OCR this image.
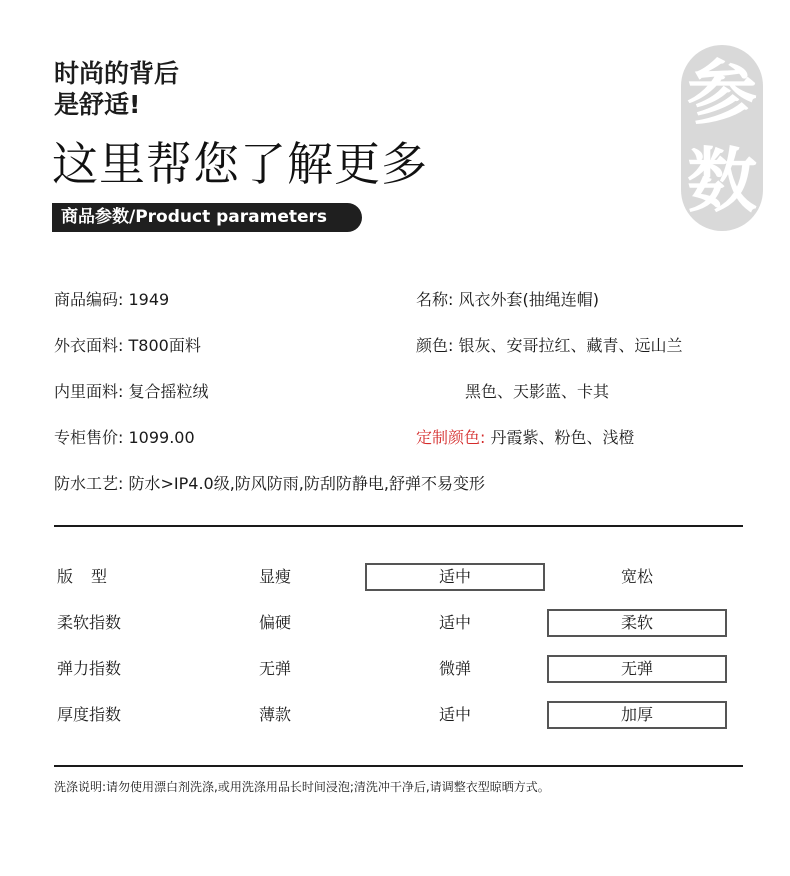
时尚的背后
是舒适!
这里帮您了解更多
商品参数/Product parameters
参
数
商品编码: 1949	名称: 风衣外套(抽绳连帽)
外衣面料: T800面料	颜色: 银灰、安哥拉红、藏青、远山兰
内里面料: 复合摇粒绒	黑色、天影蓝、卡其
专柜售价: 1099.00	定制颜色: 丹霞紫、粉色、浅橙
防水工艺: 防水>IP4.0级,防风防雨,防刮防静电,舒弹不易变形
版型	显瘦	适中	宽松
柔软指数	偏硬	适中	柔软
弹力指数	无弹	微弹	无弹
厚度指数	薄款	适中	加厚
洗涤说明:请勿使用漂白剂洗涤,或用洗涤用品长时间浸泡;清洗冲干净后,请调整衣型晾晒方式。
